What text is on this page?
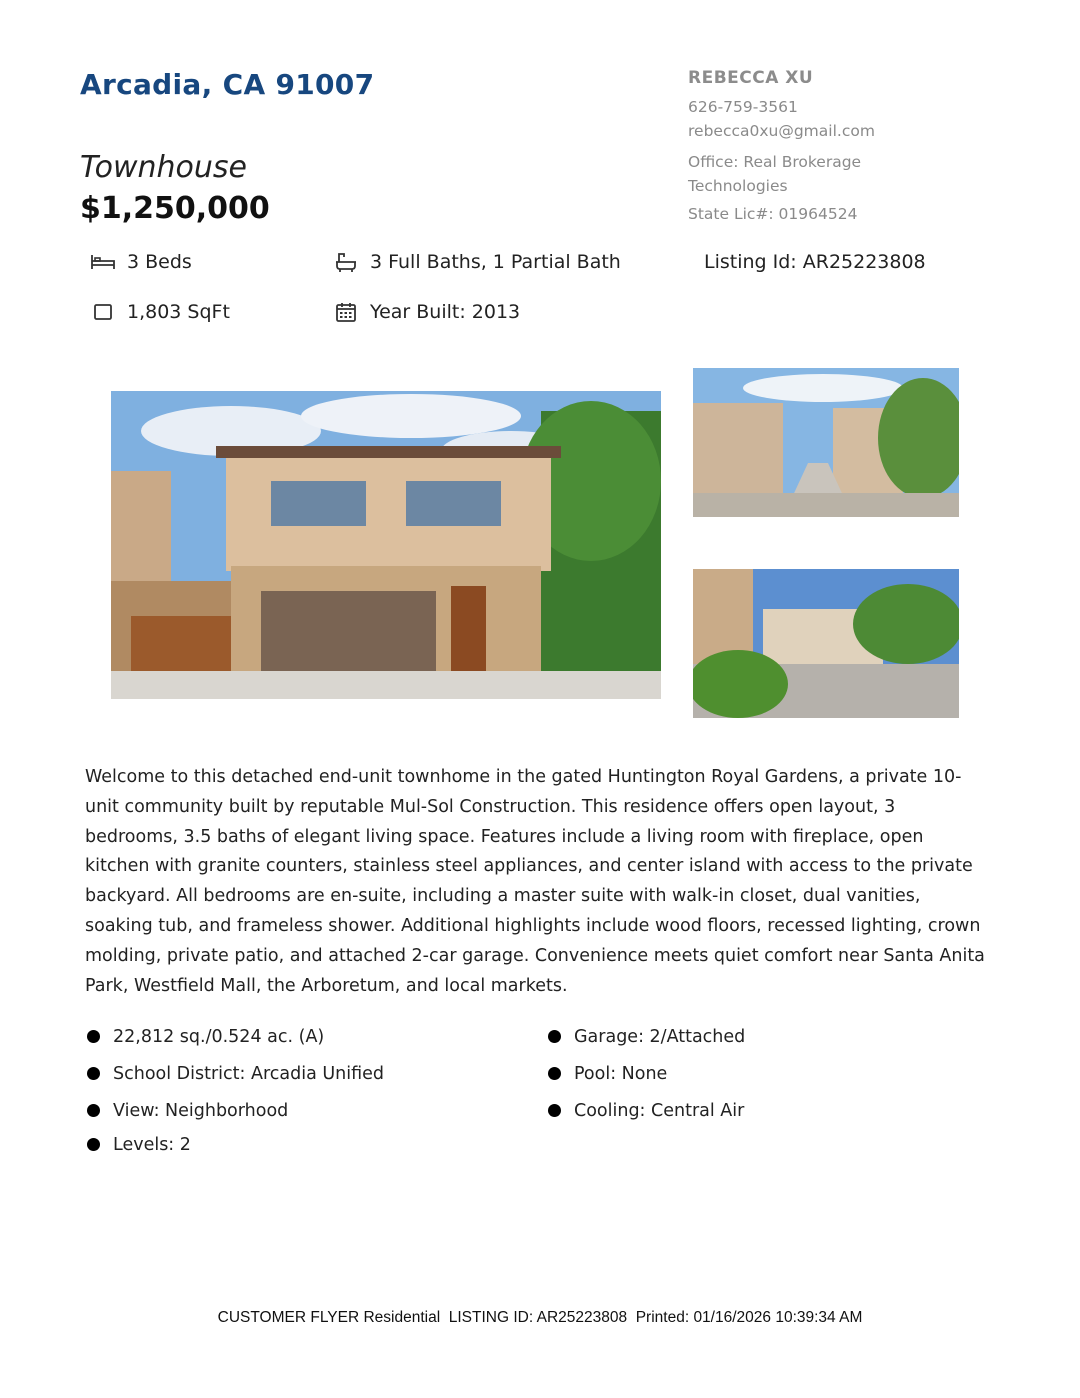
Arcadia, CA 91007
Townhouse
$1,250,000
REBECCA XU
626-759-3561
rebecca0xu@gmail.com
Office: Real Brokerage Technologies
State Lic#: 01964524
3 Beds	3 Full Baths, 1 Partial Bath	Listing Id: AR25223808
1,803 SqFt	Year Built: 2013
Welcome to this detached end-unit townhome in the gated Huntington Royal Gardens, a private 10-unit community built by reputable Mul-Sol Construction. This residence offers open layout, 3 bedrooms, 3.5 baths of elegant living space. Features include a living room with fireplace, open kitchen with granite counters, stainless steel appliances, and center island with access to the private backyard. All bedrooms are en-suite, including a master suite with walk-in closet, dual vanities, soaking tub, and frameless shower. Additional highlights include wood floors, recessed lighting, crown molding, private patio, and attached 2-car garage. Convenience meets quiet comfort near Santa Anita Park, Westfield Mall, the Arboretum, and local markets.
22,812 sq./0.524 ac. (A)
School District: Arcadia Unified
View: Neighborhood
Levels: 2
Garage: 2/Attached
Pool: None
Cooling: Central Air
CUSTOMER FLYER Residential  LISTING ID: AR25223808  Printed: 01/16/2026 10:39:34 AM
